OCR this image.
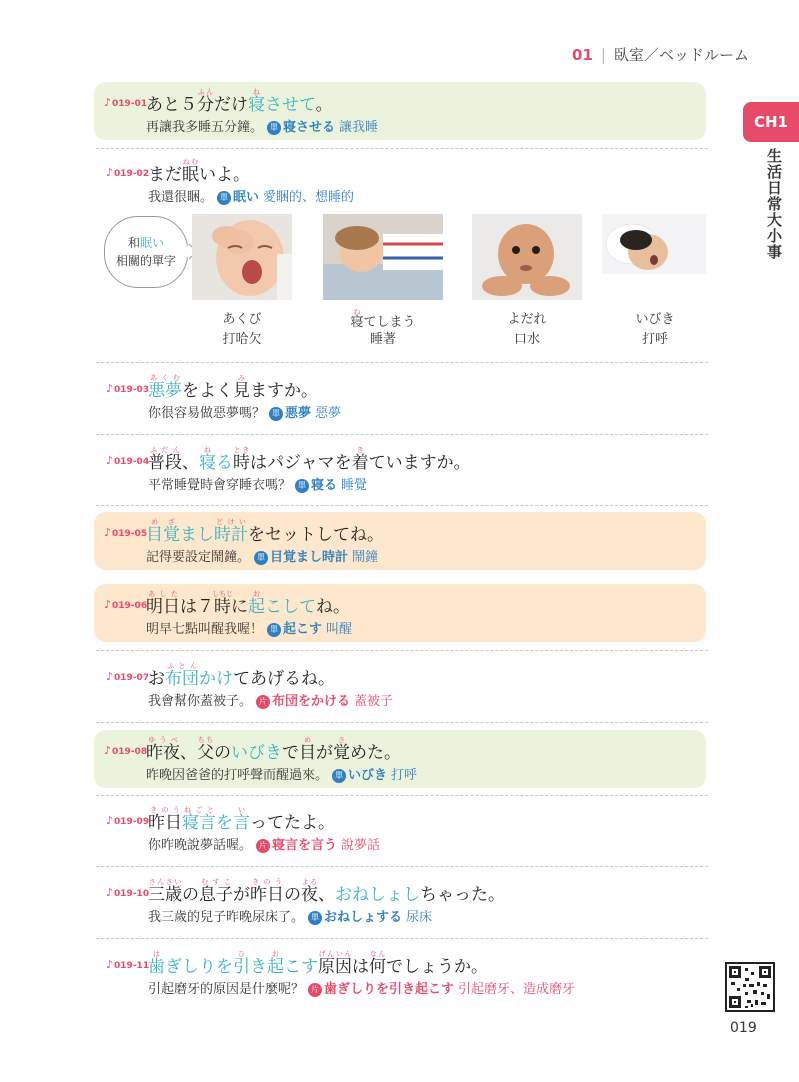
01 | 臥室／ベッドルーム
CH1
生活日常大小事
♪019-01
あと５分ふんだけ寝ねさせて。
再讓我多睡五分鐘。 單 寝させる 讓我睡
♪019-02
まだ眠ねむいよ。
我還很睏。 單 眠い 愛睏的、想睡的
和眠い
相關的單字
あくび
打哈欠
寝ねてしまう
睡著
よだれ
口水
いびき
打呼
♪019-03
悪夢あくむをよく見みますか。
你很容易做惡夢嗎？ 單 悪夢 惡夢
♪019-04
普段ふだん、寝ねる時ときはパジャマを着きていますか。
平常睡覺時會穿睡衣嗎？ 單 寝る 睡覺
♪019-05
目覚めざまし時計どけいをセットしてね。
記得要設定鬧鐘。 單 目覚まし時計 鬧鐘
♪019-06
明日あしたは７時しちじに起おこしてね。
明早七點叫醒我喔！ 單 起こす 叫醒
♪019-07
お布団ふとんかけてあげるね。
我會幫你蓋被子。 片 布団をかける 蓋被子
♪019-08
昨夜ゆうべ、父ちちのいびきで目めが覚さめた。
昨晚因爸爸的打呼聲而醒過來。 單 いびき 打呼
♪019-09
昨日きのう寝言ねごとを言いってたよ。
你昨晚說夢話喔。 片 寝言を言う 說夢話
♪019-10
三歳さんさいの息子むすこが昨日きのうの夜よる、おねしょしちゃった。
我三歲的兒子昨晚尿床了。 單 おねしょする 尿床
♪019-11
歯はぎしりを引ひき起おこす原因げんいんは何なんでしょうか。
引起磨牙的原因是什麼呢？ 片 歯ぎしりを引き起こす 引起磨牙、造成磨牙
019
